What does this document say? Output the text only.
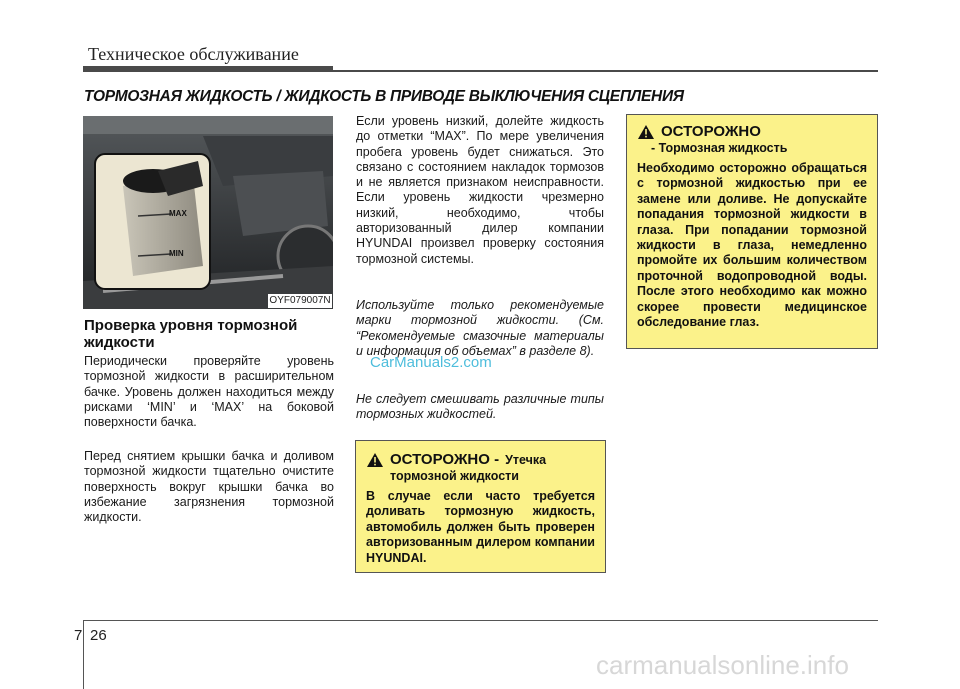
Техническое обслуживание
ТОРМОЗНАЯ ЖИДКОСТЬ / ЖИДКОСТЬ В ПРИВОДЕ ВЫКЛЮЧЕНИЯ СЦЕПЛЕНИЯ
MAX
MIN
OYF079007N
Проверка уровня тормозной жидкости
Периодически проверяйте уровень тормозной жидкости в расширительном бачке. Уровень должен находиться между рисками ‘MIN’ и ‘MAX’ на боковой поверхности бачка.
Перед снятием крышки бачка и доливом тормозной жидкости тщательно очистите поверхность вокруг крышки бачка во избежание загрязнения тормозной жидкости.
Если уровень низкий, долейте жидкость до отметки “MAX”. По мере увеличения пробега уровень будет снижаться. Это связано с состоянием накладок тормозов и не является признаком неисправности. Если уровень жидкости чрезмерно низкий, необходимо, чтобы авторизованный дилер компании HYUNDAI произвел проверку состояния тормозной системы.
Используйте только рекомендуемые марки тормозной жидкости. (См. “Рекомендуемые смазочные материалы и информация об объемах” в разделе 8).
Не следует смешивать различные типы тормозных жидкостей.
CarManuals2.com
ОСТОРОЖНО
- Тормозная жидкость
Необходимо осторожно обращаться с тормозной жидкостью при ее замене или доливе. Не допускайте попадания тормозной жидкости в глаза. При попадании тормозной жидкости в глаза, немедленно промойте их большим количеством проточной водопроводной воды. После этого необходимо как можно скорее провести медицинское обследование глаз.
ОСТОРОЖНО - Утечка
тормозной жидкости
В случае если часто требуется доливать тормозную жидкость, автомобиль должен быть проверен авторизованным дилером компании HYUNDAI.
7 26
carmanualsonline.info
